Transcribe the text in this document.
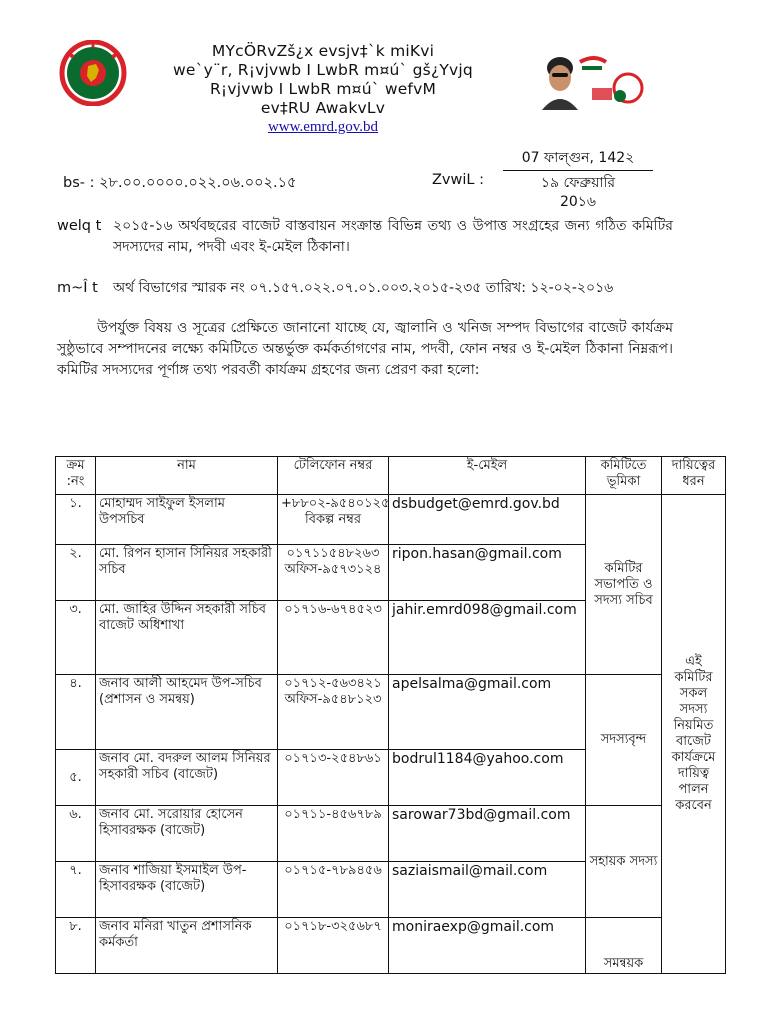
MYcÖRvZš¿x evsjv‡`k miKvi
we`y¨r, R¡vjvwb I LwbR m¤ú` gš¿Yvjq
R¡vjvwb I LwbR m¤ú` wefvM
ev‡RU AwakvLv
www.emrd.gov.bd
bs- : ২৮.০০.০০০০.০২২.০৬.০০২.১৫	ZvwiL :
07 ফাল্গুন, 142২
১৯ ফেব্রুয়ারি
20১৬
welq t ২০১৫-১৬ অর্থবছরের বাজেট বাস্তবায়ন সংক্রান্ত বিভিন্ন তথ্য ও উপাত্ত সংগ্রহের জন্য গঠিত কমিটির সদস্যদের নাম, পদবী এবং ই-মেইল ঠিকানা।
m~Î t অর্থ বিভাগের স্মারক নং ০৭.১৫৭.০২২.০৭.০১.০০৩.২০১৫-২৩৫ তারিখ: ১২-০২-২০১৬
উপর্যুক্ত বিষয় ও সূত্রের প্রেক্ষিতে জানানো যাচ্ছে যে, জ্বালানি ও খনিজ সম্পদ বিভাগের বাজেট কার্যক্রম সুষ্ঠুভাবে সম্পাদনের লক্ষ্যে কমিটিতে অন্তর্ভুক্ত কর্মকর্তাগণের নাম, পদবী, ফোন নম্বর ও ই-মেইল ঠিকানা নিম্নরূপ। কমিটির সদস্যদের পূর্ণাঙ্গ তথ্য পরবর্তী কার্যক্রম গ্রহণের জন্য প্রেরণ করা হলো:
ক্রম :নং	নাম	টেলিফোন নম্বর	ই-মেইল	কমিটিতে ভূমিকা	দায়িত্বের ধরন
১.	মোহাম্মদ সাইফুল ইসলাম উপসচিব	+৮৮০২-৯৫৪০১২৫ বিকল্প নম্বর	dsbudget@emrd.gov.bd	কমিটির সভাপতি ও সদস্য সচিব	এই কমিটির সকল সদস্য নিয়মিত বাজেট কার্যক্রমে দায়িত্ব পালন করবেন
২.	মো. রিপন হাসান সিনিয়র সহকারী সচিব	০১৭১১৫৪৮২৬৩ অফিস-৯৫৭৩১২৪	ripon.hasan@gmail.com		
৩.	মো. জাহির উদ্দিন সহকারী সচিব বাজেট অধিশাখা	০১৭১৬-৬৭৪৫২৩	jahir.emrd098@gmail.com		
৪.	জনাব আলী আহমেদ উপ-সচিব (প্রশাসন ও সমন্বয়)	০১৭১২-৫৬৩৪২১ অফিস-৯৫৪৮১২৩	apelsalma@gmail.com	সদস্যবৃন্দ	
৫.	জনাব মো. বদরুল আলম সিনিয়র সহকারী সচিব (বাজেট)	০১৭১৩-২৫৪৮৬১	bodrul1184@yahoo.com		
৬.	জনাব মো. সরোয়ার হোসেন হিসাবরক্ষক (বাজেট)	০১৭১১-৪৫৬৭৮৯	sarowar73bd@gmail.com	সহায়ক সদস্য	
৭.	জনাব শাজিয়া ইসমাইল উপ-হিসাবরক্ষক (বাজেট)	০১৭১৫-৭৮৯৪৫৬	saziaismail@mail.com		
৮.	জনাব মনিরা খাতুন প্রশাসনিক কর্মকর্তা	০১৭১৮-৩২৫৬৮৭	moniraexp@gmail.com	সমন্বয়ক	
